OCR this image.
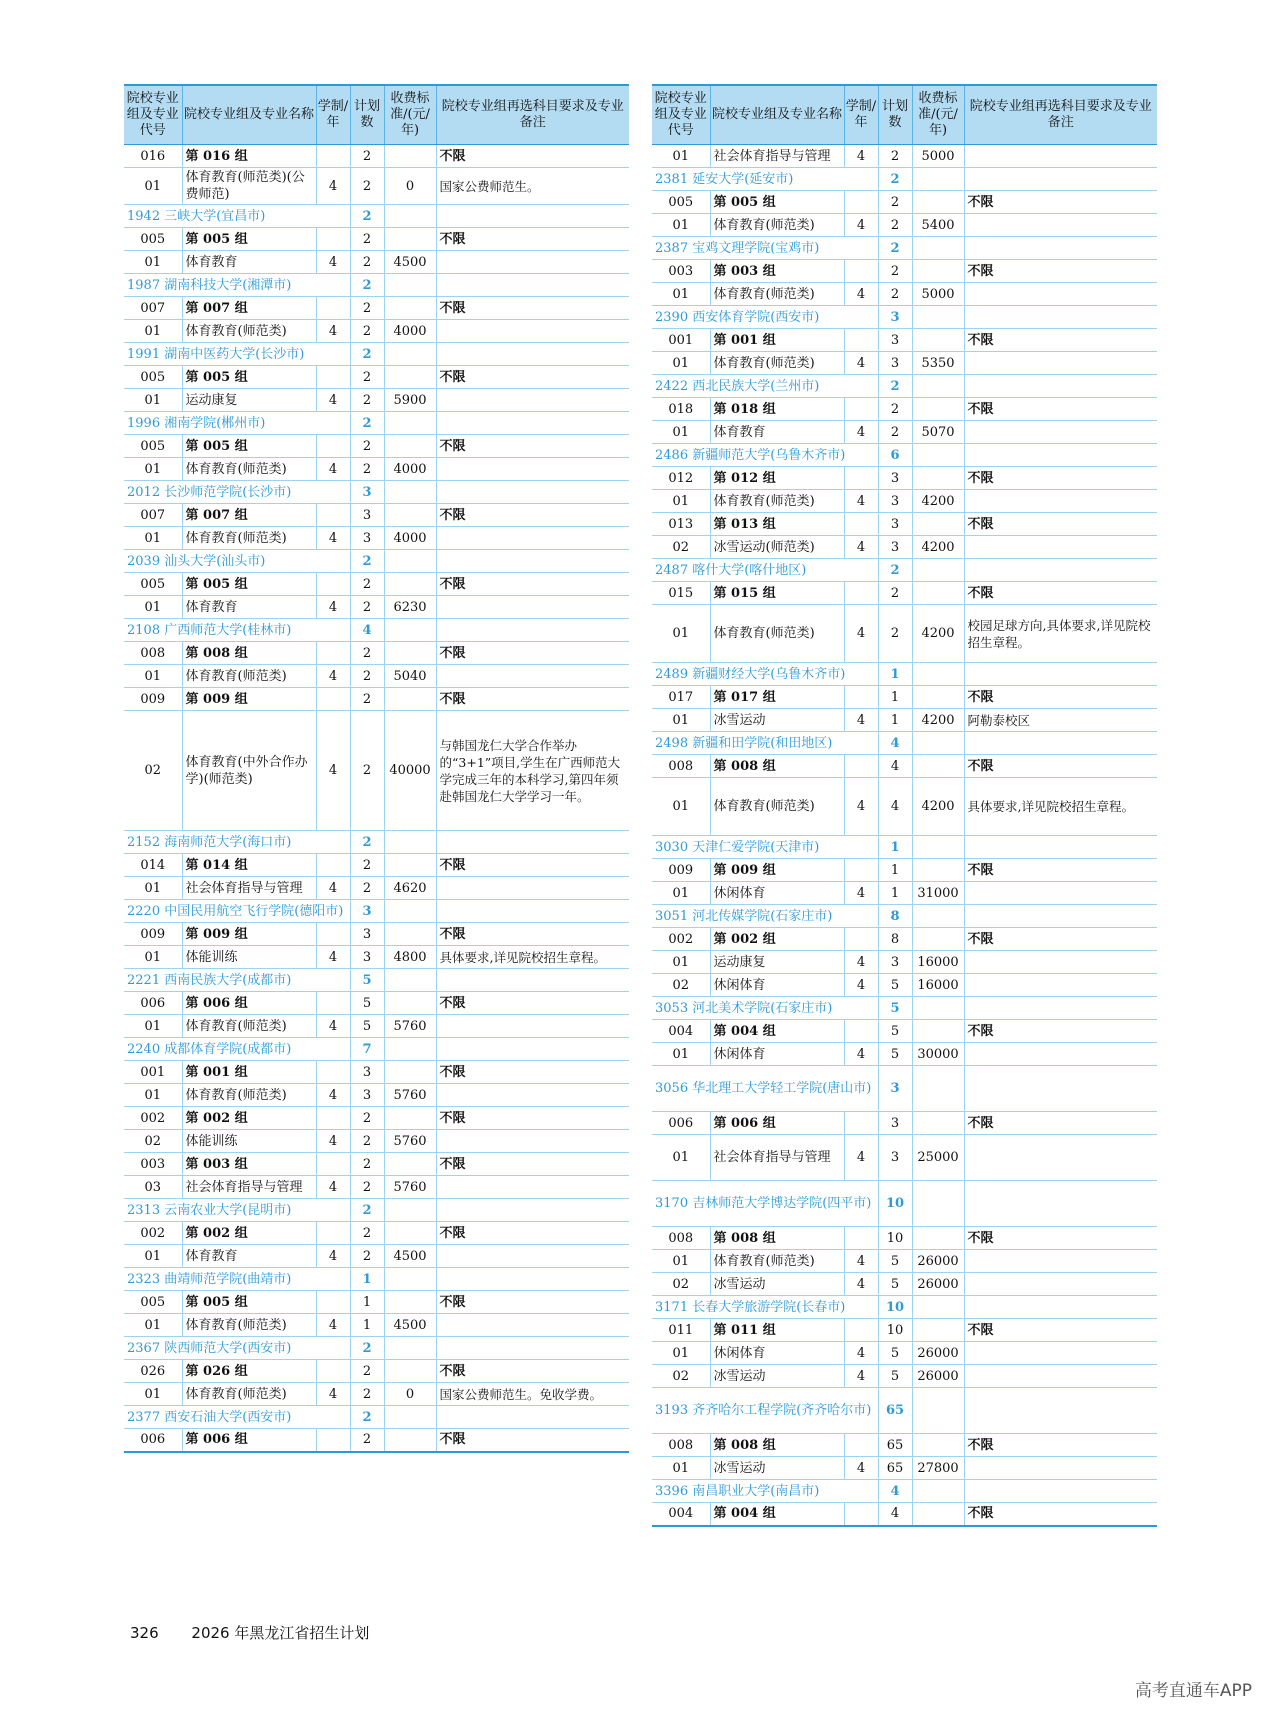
院校专业组及专业代号	院校专业组及专业名称	学制/年	计划数	收费标准/(元/年)	院校专业组再选科目要求及专业备注
016	第 016 组		2		不限
01	体育教育(师范类)(公费师范)	4	2	0	国家公费师范生。
1942 三峡大学(宜昌市)			2		
005	第 005 组		2		不限
01	体育教育	4	2	4500	
1987 湖南科技大学(湘潭市)			2		
007	第 007 组		2		不限
01	体育教育(师范类)	4	2	4000	
1991 湖南中医药大学(长沙市)			2		
005	第 005 组		2		不限
01	运动康复	4	2	5900	
1996 湘南学院(郴州市)			2		
005	第 005 组		2		不限
01	体育教育(师范类)	4	2	4000	
2012 长沙师范学院(长沙市)			3		
007	第 007 组		3		不限
01	体育教育(师范类)	4	3	4000	
2039 汕头大学(汕头市)			2		
005	第 005 组		2		不限
01	体育教育	4	2	6230	
2108 广西师范大学(桂林市)			4		
008	第 008 组		2		不限
01	体育教育(师范类)	4	2	5040	
009	第 009 组		2		不限
02	体育教育(中外合作办学)(师范类)	4	2	40000	与韩国龙仁大学合作举办的“3+1”项目,学生在广西师范大学完成三年的本科学习,第四年须赴韩国龙仁大学学习一年。
2152 海南师范大学(海口市)			2		
014	第 014 组		2		不限
01	社会体育指导与管理	4	2	4620	
2220 中国民用航空飞行学院(德阳市)			3		
009	第 009 组		3		不限
01	体能训练	4	3	4800	具体要求,详见院校招生章程。
2221 西南民族大学(成都市)			5		
006	第 006 组		5		不限
01	体育教育(师范类)	4	5	5760	
2240 成都体育学院(成都市)			7		
001	第 001 组		3		不限
01	体育教育(师范类)	4	3	5760	
002	第 002 组		2		不限
02	体能训练	4	2	5760	
003	第 003 组		2		不限
03	社会体育指导与管理	4	2	5760	
2313 云南农业大学(昆明市)			2		
002	第 002 组		2		不限
01	体育教育	4	2	4500	
2323 曲靖师范学院(曲靖市)			1		
005	第 005 组		1		不限
01	体育教育(师范类)	4	1	4500	
2367 陕西师范大学(西安市)			2		
026	第 026 组		2		不限
01	体育教育(师范类)	4	2	0	国家公费师范生。免收学费。
2377 西安石油大学(西安市)			2		
006	第 006 组		2		不限
院校专业组及专业代号	院校专业组及专业名称	学制/年	计划数	收费标准/(元/年)	院校专业组再选科目要求及专业备注
01	社会体育指导与管理	4	2	5000	
2381 延安大学(延安市)			2		
005	第 005 组		2		不限
01	体育教育(师范类)	4	2	5400	
2387 宝鸡文理学院(宝鸡市)			2		
003	第 003 组		2		不限
01	体育教育(师范类)	4	2	5000	
2390 西安体育学院(西安市)			3		
001	第 001 组		3		不限
01	体育教育(师范类)	4	3	5350	
2422 西北民族大学(兰州市)			2		
018	第 018 组		2		不限
01	体育教育	4	2	5070	
2486 新疆师范大学(乌鲁木齐市)			6		
012	第 012 组		3		不限
01	体育教育(师范类)	4	3	4200	
013	第 013 组		3		不限
02	冰雪运动(师范类)	4	3	4200	
2487 喀什大学(喀什地区)			2		
015	第 015 组		2		不限
01	体育教育(师范类)	4	2	4200	校园足球方向,具体要求,详见院校招生章程。
2489 新疆财经大学(乌鲁木齐市)			1		
017	第 017 组		1		不限
01	冰雪运动	4	1	4200	阿勒泰校区
2498 新疆和田学院(和田地区)			4		
008	第 008 组		4		不限
01	体育教育(师范类)	4	4	4200	具体要求,详见院校招生章程。
3030 天津仁爱学院(天津市)			1		
009	第 009 组		1		不限
01	休闲体育	4	1	31000	
3051 河北传媒学院(石家庄市)			8		
002	第 002 组		8		不限
01	运动康复	4	3	16000	
02	休闲体育	4	5	16000	
3053 河北美术学院(石家庄市)			5		
004	第 004 组		5		不限
01	休闲体育	4	5	30000	
3056 华北理工大学轻工学院(唐山市)			3		
006	第 006 组		3		不限
01	社会体育指导与管理	4	3	25000	
3170 吉林师范大学博达学院(四平市)			10		
008	第 008 组		10		不限
01	体育教育(师范类)	4	5	26000	
02	冰雪运动	4	5	26000	
3171 长春大学旅游学院(长春市)			10		
011	第 011 组		10		不限
01	休闲体育	4	5	26000	
02	冰雪运动	4	5	26000	
3193 齐齐哈尔工程学院(齐齐哈尔市)			65		
008	第 008 组		65		不限
01	冰雪运动	4	65	27800	
3396 南昌职业大学(南昌市)			4		
004	第 004 组		4		不限
326 2026 年黑龙江省招生计划
高考直通车APP
